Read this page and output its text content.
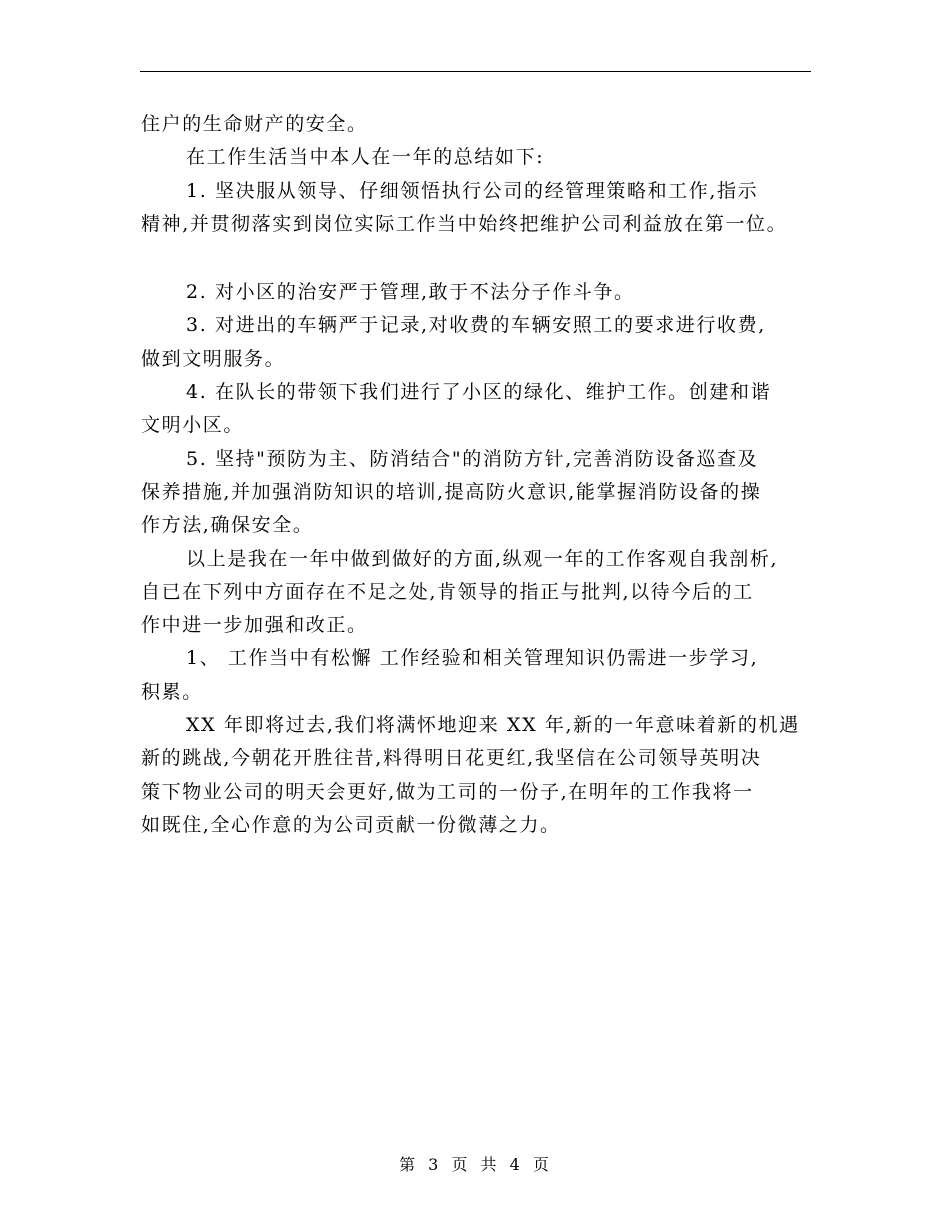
住户的生命财产的安全。
在工作生活当中本人在一年的总结如下:
1. 坚决服从领导、仔细领悟执行公司的经管理策略和工作,指示
精神,并贯彻落实到岗位实际工作当中始终把维护公司利益放在第一位。
2. 对小区的治安严于管理,敢于不法分子作斗争。
3. 对进出的车辆严于记录,对收费的车辆安照工的要求进行收费,
做到文明服务。
4. 在队长的带领下我们进行了小区的绿化、维护工作。创建和谐
文明小区。
5. 坚持"预防为主、防消结合"的消防方针,完善消防设备巡查及
保养措施,并加强消防知识的培训,提高防火意识,能掌握消防设备的操
作方法,确保安全。
以上是我在一年中做到做好的方面,纵观一年的工作客观自我剖析,
自已在下列中方面存在不足之处,肯领导的指正与批判,以待今后的工
作中进一步加强和改正。
1、 工作当中有松懈 工作经验和相关管理知识仍需进一步学习,
积累。
XX 年即将过去,我们将满怀地迎来 XX 年,新的一年意味着新的机遇
新的跳战,今朝花开胜往昔,料得明日花更红,我坚信在公司领导英明决
策下物业公司的明天会更好,做为工司的一份子,在明年的工作我将一
如既住,全心作意的为公司贡献一份微薄之力。
第 3 页 共 4 页
